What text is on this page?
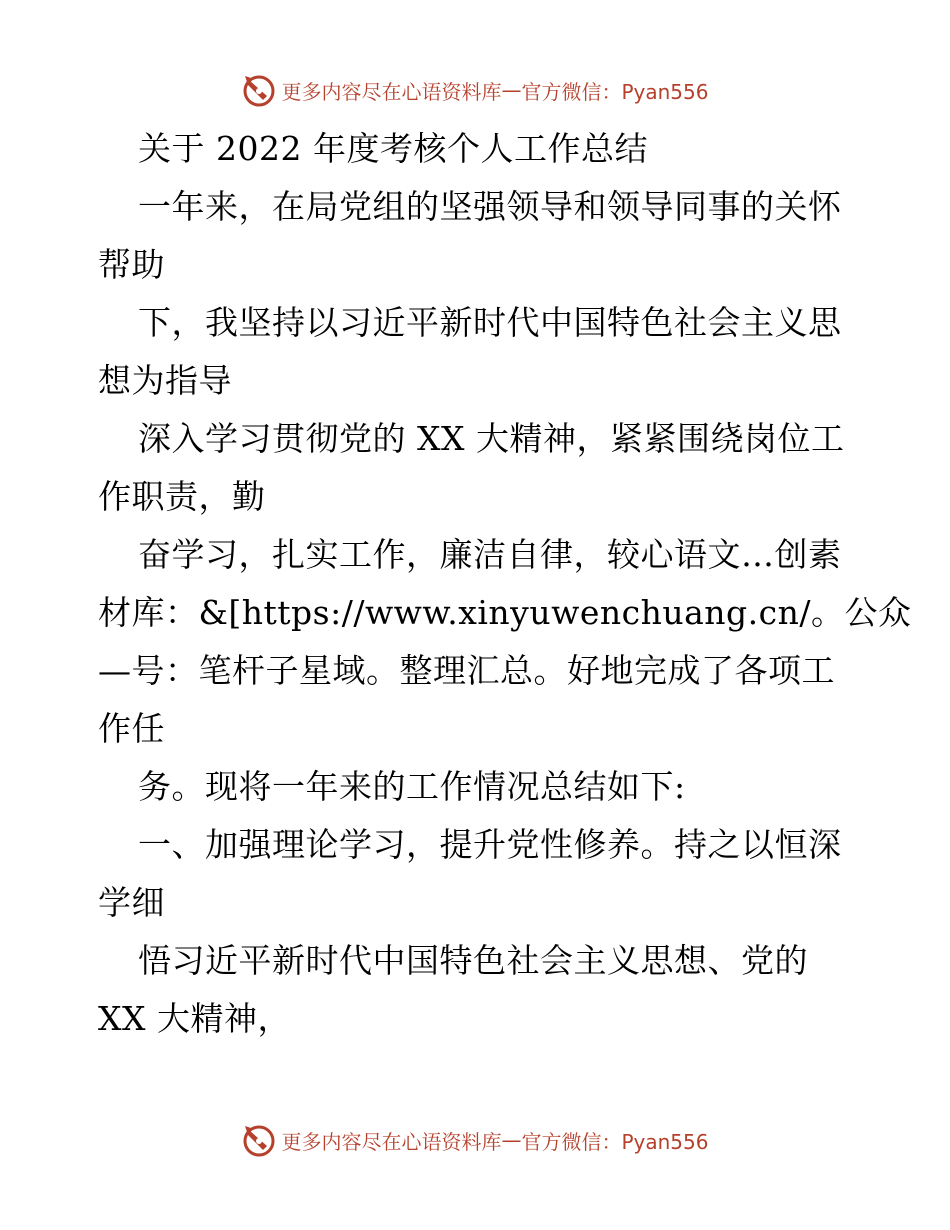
更多内容尽在心语资料库 — 官方微信：Pyan556
关于 2022 年度考核个人工作总结
一年来，在局党组的坚强领导和领导同事的关怀
帮助
下，我坚持以习近平新时代中国特色社会主义思
想为指导
深入学习贯彻党的 XX 大精神，紧紧围绕岗位工
作职责，勤
奋学习，扎实工作，廉洁自律，较心语文…创素
材库：&[https://www.xinyuwenchuang.cn/。公众
—号：笔杆子星域。整理汇总。好地完成了各项工
作任
务。现将一年来的工作情况总结如下:
一、加强理论学习，提升党性修养。持之以恒深
学细
悟习近平新时代中国特色社会主义思想、党的
XX 大精神，
更多内容尽在心语资料库 — 官方微信：Pyan556
